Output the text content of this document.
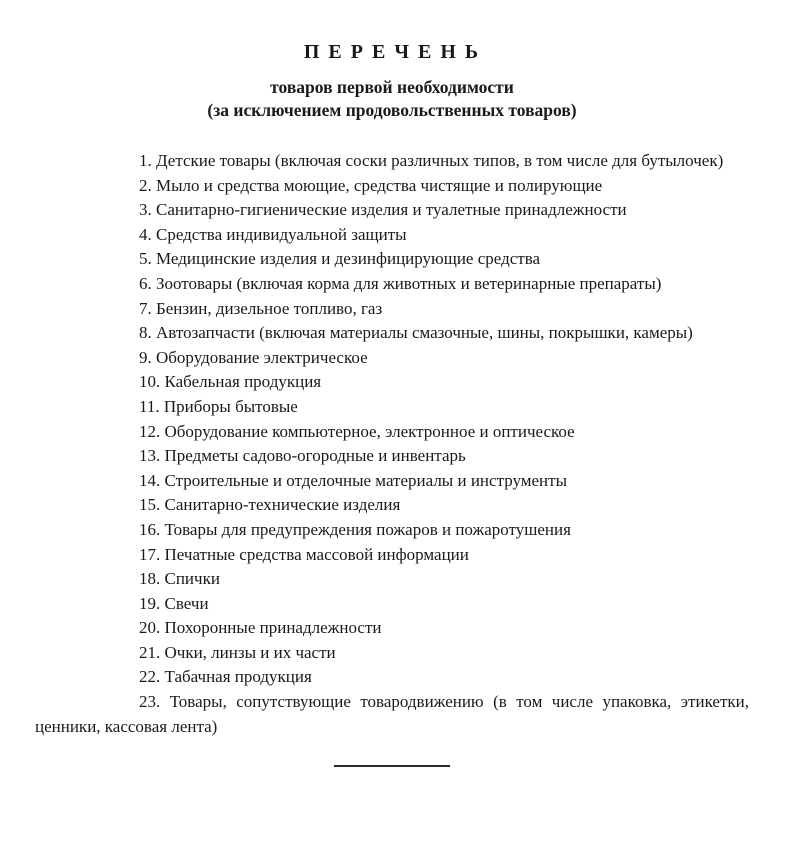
П Е Р Е Ч Е Н Ь
товаров первой необходимости
(за исключением продовольственных товаров)

1. Детские товары (включая соски различных типов, в том числе для бутылочек)

2. Мыло и средства моющие, средства чистящие и полирующие

3. Санитарно-гигиенические изделия и туалетные принадлежности

4. Средства индивидуальной защиты

5. Медицинские изделия и дезинфицирующие средства

6. Зоотовары (включая корма для животных и ветеринарные препараты)

7. Бензин, дизельное топливо, газ

8. Автозапчасти (включая материалы смазочные, шины, покрышки, камеры)

9. Оборудование электрическое

10. Кабельная продукция

11. Приборы бытовые

12. Оборудование компьютерное, электронное и оптическое

13. Предметы садово-огородные и инвентарь

14. Строительные и отделочные материалы и инструменты

15. Санитарно-технические изделия

16. Товары для предупреждения пожаров и пожаротушения

17. Печатные средства массовой информации

18. Спички

19. Свечи

20. Похоронные принадлежности

21. Очки, линзы и их части

22. Табачная продукция

23. Товары, сопутствующие товародвижению (в том числе упаковка, этикетки, ценники, кассовая лента)
